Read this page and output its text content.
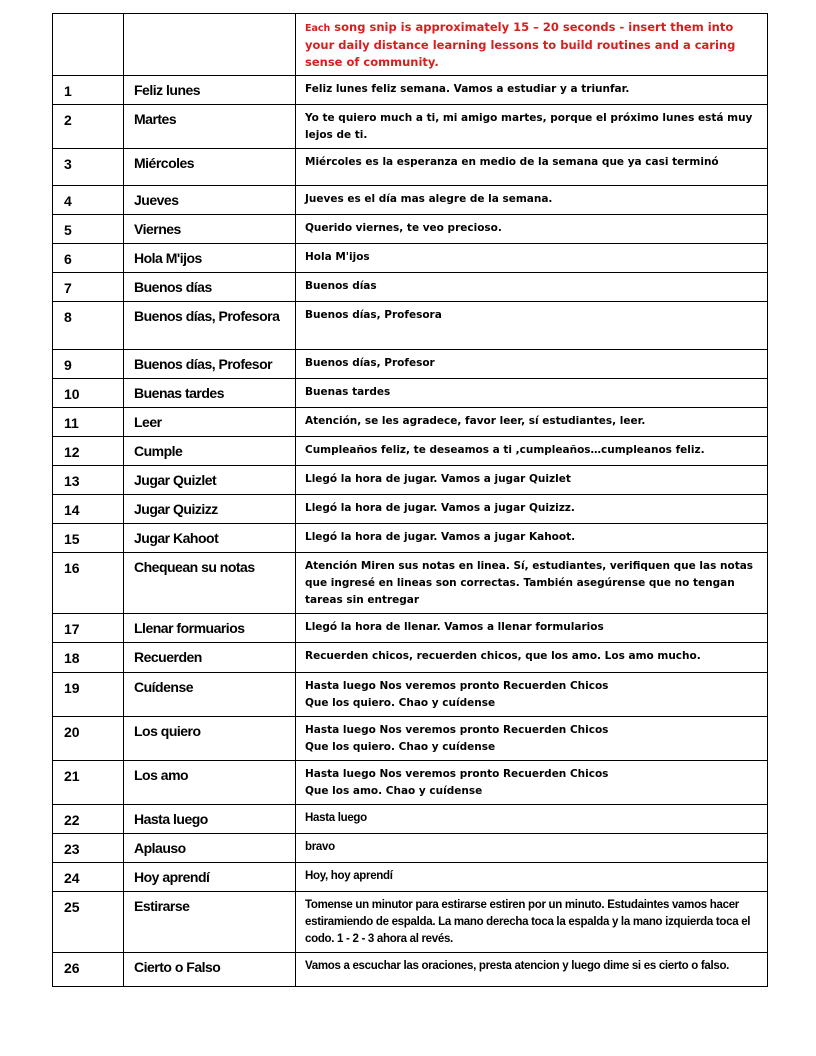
		Each song snip is approximately 15 – 20 seconds - insert them into your daily distance learning lessons to build routines and a caring sense of community.

1	Feliz lunes	Feliz lunes feliz semana. Vamos a estudiar y a triunfar.

2	Martes	Yo te quiero much a ti, mi amigo martes, porque el próximo lunes está muy lejos de ti.

3	Miércoles	Miércoles es la esperanza en medio de la semana que ya casi terminó

4	Jueves	Jueves es el día mas alegre de la semana.

5	Viernes	Querido viernes, te veo precioso.

6	Hola M'ijos	Hola M'ijos

7	Buenos días	Buenos días

8	Buenos días, Profesora	Buenos días, Profesora

9	Buenos días, Profesor	Buenos días, Profesor

10	Buenas tardes	Buenas tardes

11	Leer	Atención, se les agradece, favor leer, sí estudiantes, leer.

12	Cumple	Cumpleaños feliz, te deseamos a ti ,cumpleaños…cumpleanos feliz.

13	Jugar Quizlet	Llegó la hora de jugar. Vamos a jugar Quizlet

14	Jugar Quizizz	Llegó la hora de jugar. Vamos a jugar Quizizz.

15	Jugar Kahoot	Llegó la hora de jugar. Vamos a jugar Kahoot.

16	Chequean su notas	Atención Miren sus notas en linea. Sí, estudiantes, verifiquen que las notas que ingresé en lineas son correctas. También asegúrense que no tengan tareas sin entregar

17	Llenar formuarios	Llegó la hora de llenar. Vamos a llenar formularios

18	Recuerden	Recuerden chicos, recuerden chicos, que los amo. Los amo mucho.

19	Cuídense	Hasta luego Nos veremos pronto Recuerden Chicos
Que los quiero. Chao y cuídense

20	Los quiero	Hasta luego Nos veremos pronto Recuerden Chicos
Que los quiero. Chao y cuídense

21	Los amo	Hasta luego Nos veremos pronto Recuerden Chicos
Que los amo. Chao y cuídense

22	Hasta luego	Hasta luego

23	Aplauso	bravo

24	Hoy aprendí	Hoy, hoy aprendí

25	Estirarse	Tomense un minutor para estirarse estiren por un minuto. Estudaintes vamos hacer estiramiendo de espalda. La mano derecha toca la espalda y la mano izquierda toca el codo. 1 - 2 - 3 ahora al revés.

26	Cierto o Falso	Vamos a escuchar las oraciones, presta atencion y luego dime si es cierto o falso.
